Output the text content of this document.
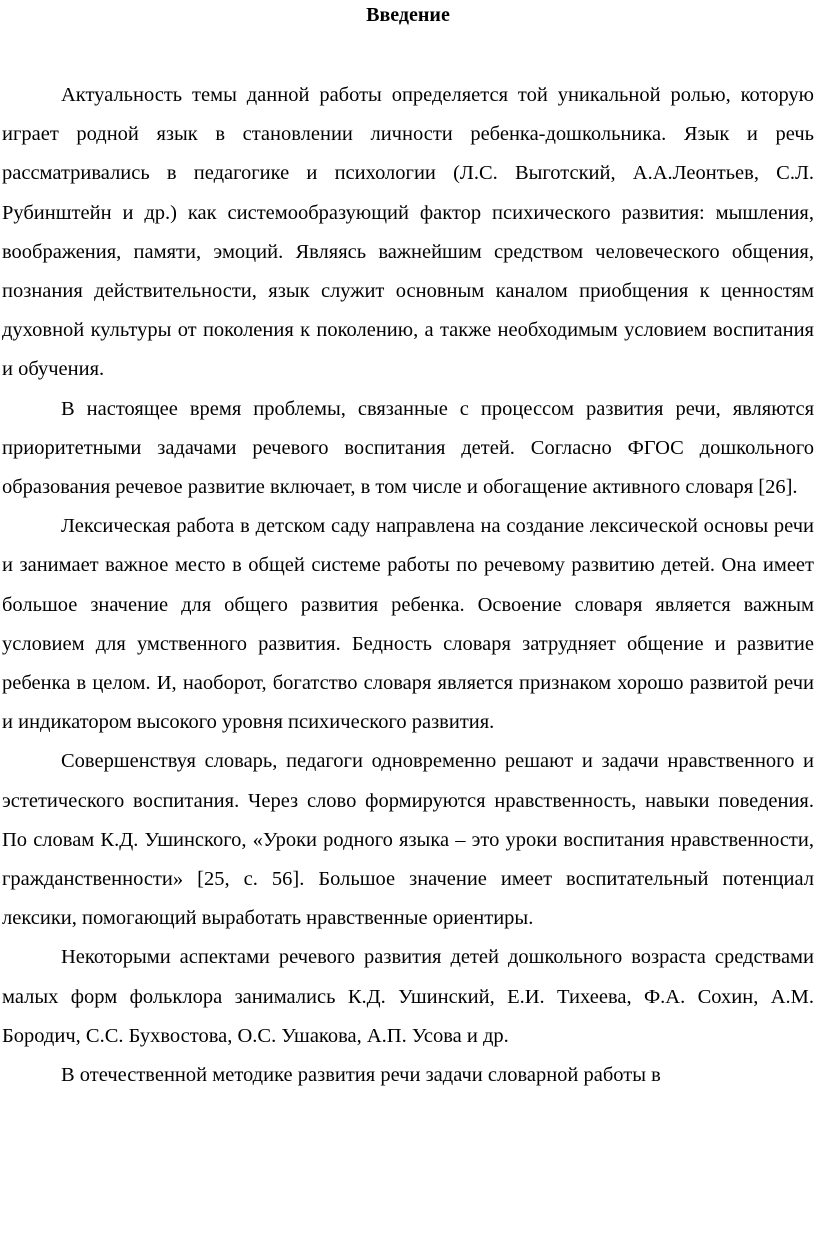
Введение

Актуальность темы данной работы определяется той уникальной ролью, которую играет родной язык в становлении личности ребенка-дошкольника. Язык и речь рассматривались в педагогике и психологии (Л.С. Выготский, А.А.Леонтьев, С.Л. Рубинштейн и др.) как системообразующий фактор психического развития: мышления, воображения, памяти, эмоций. Являясь важнейшим средством человеческого общения, познания действительности, язык служит основным каналом приобщения к ценностям духовной культуры от поколения к поколению, а также необходимым условием воспитания и обучения.

В настоящее время проблемы, связанные с процессом развития речи, являются приоритетными задачами речевого воспитания детей. Согласно ФГОС дошкольного образования речевое развитие включает, в том числе и обогащение активного словаря [26].

Лексическая работа в детском саду направлена на создание лексической основы речи и занимает важное место в общей системе работы по речевому развитию детей. Она имеет большое значение для общего развития ребенка. Освоение словаря является важным условием для умственного развития. Бедность словаря затрудняет общение и развитие ребенка в целом. И, наоборот, богатство словаря является признаком хорошо развитой речи и индикатором высокого уровня психического развития.

Совершенствуя словарь, педагоги одновременно решают и задачи нравственного и эстетического воспитания. Через слово формируются нравственность, навыки поведения. По словам К.Д. Ушинского, «Уроки родного языка – это уроки воспитания нравственности, гражданственности» [25, с. 56]. Большое значение имеет воспитательный потенциал лексики, помогающий выработать нравственные ориентиры.

Некоторыми аспектами речевого развития детей дошкольного возраста средствами малых форм фольклора занимались К.Д. Ушинский, Е.И. Тихеева, Ф.А. Сохин, А.М. Бородич, С.С. Бухвостова, О.С. Ушакова, А.П. Усова и др.

В отечественной методике развития речи задачи словарной работы в
